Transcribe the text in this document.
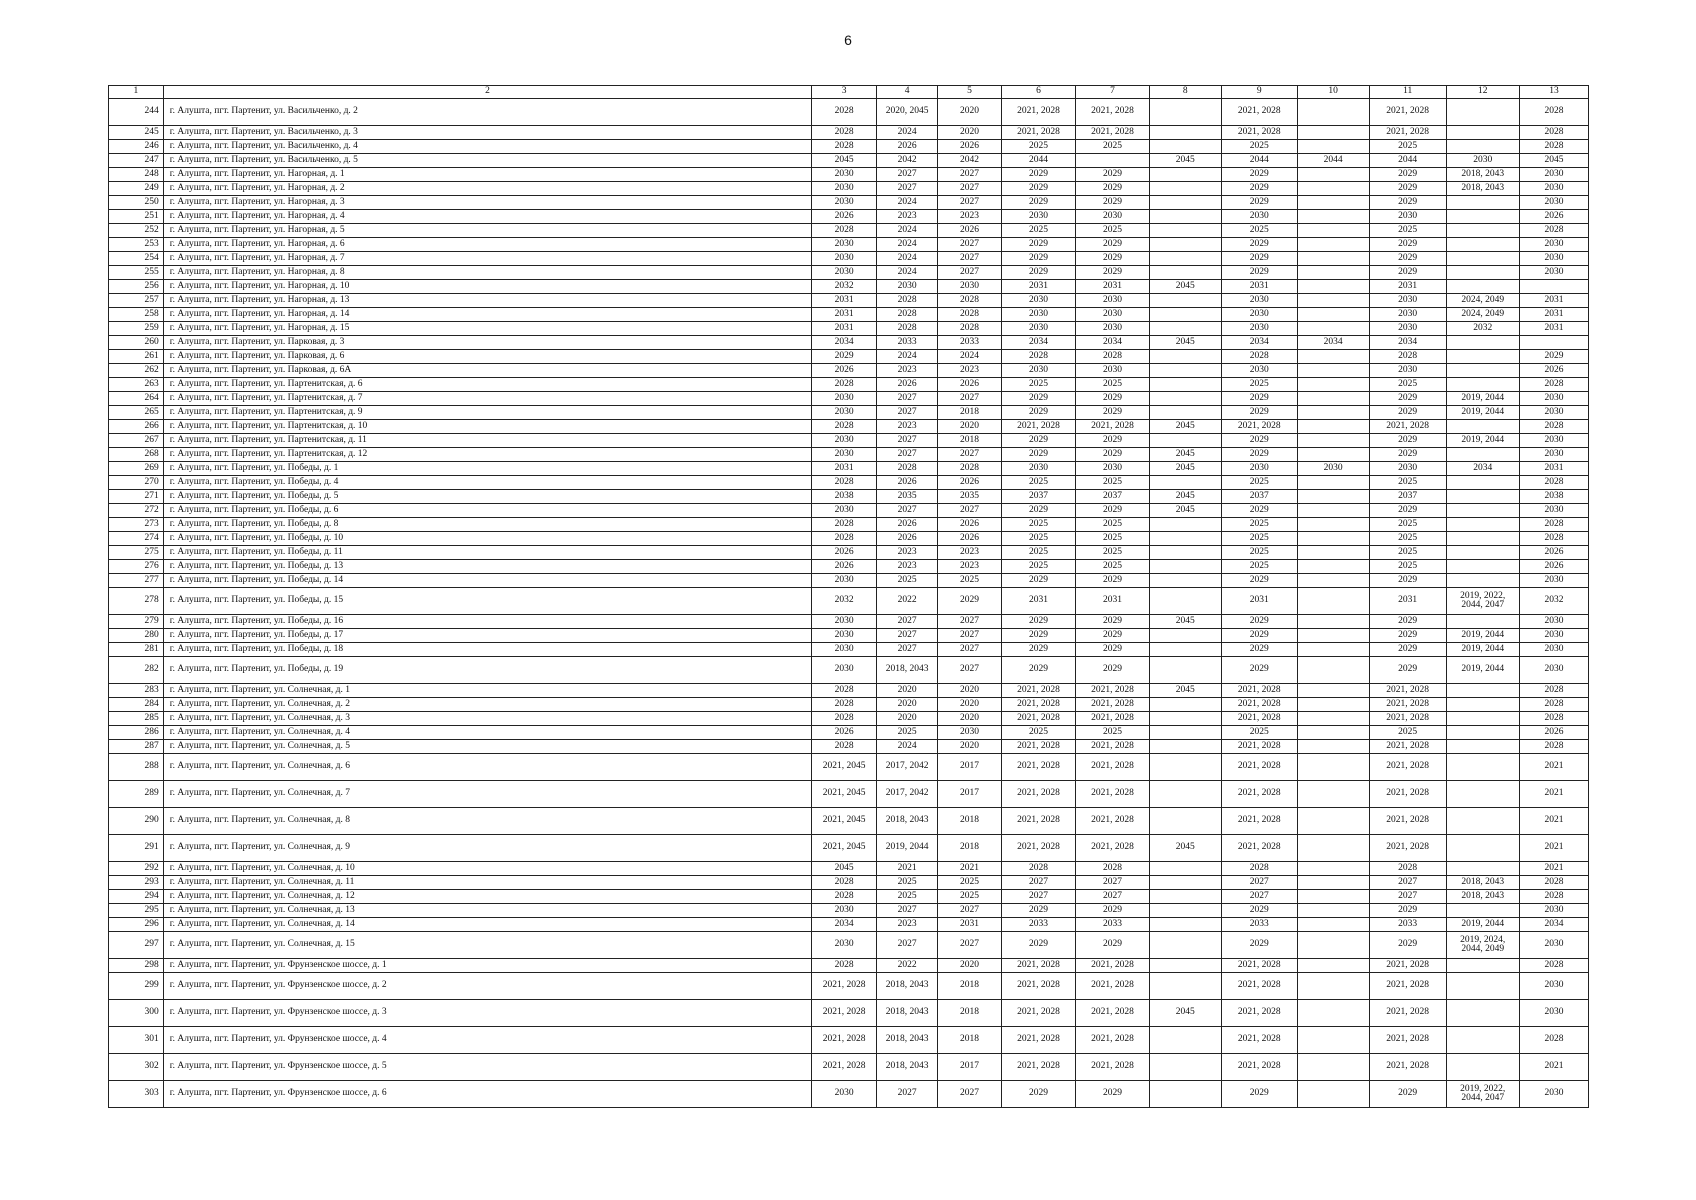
6
1	2	3	4	5	6	7	8	9	10	11	12	13
244	г. Алушта, пгт. Партенит, ул. Васильченко, д. 2	2028	2020, 2045	2020	2021, 2028	2021, 2028		2021, 2028		2021, 2028		2028
245	г. Алушта, пгт. Партенит, ул. Васильченко, д. 3	2028	2024	2020	2021, 2028	2021, 2028		2021, 2028		2021, 2028		2028
246	г. Алушта, пгт. Партенит, ул. Васильченко, д. 4	2028	2026	2026	2025	2025		2025		2025		2028
247	г. Алушта, пгт. Партенит, ул. Васильченко, д. 5	2045	2042	2042	2044		2045	2044	2044	2044	2030	2045
248	г. Алушта, пгт. Партенит, ул. Нагорная, д. 1	2030	2027	2027	2029	2029		2029		2029	2018, 2043	2030
249	г. Алушта, пгт. Партенит, ул. Нагорная, д. 2	2030	2027	2027	2029	2029		2029		2029	2018, 2043	2030
250	г. Алушта, пгт. Партенит, ул. Нагорная, д. 3	2030	2024	2027	2029	2029		2029		2029		2030
251	г. Алушта, пгт. Партенит, ул. Нагорная, д. 4	2026	2023	2023	2030	2030		2030		2030		2026
252	г. Алушта, пгт. Партенит, ул. Нагорная, д. 5	2028	2024	2026	2025	2025		2025		2025		2028
253	г. Алушта, пгт. Партенит, ул. Нагорная, д. 6	2030	2024	2027	2029	2029		2029		2029		2030
254	г. Алушта, пгт. Партенит, ул. Нагорная, д. 7	2030	2024	2027	2029	2029		2029		2029		2030
255	г. Алушта, пгт. Партенит, ул. Нагорная, д. 8	2030	2024	2027	2029	2029		2029		2029		2030
256	г. Алушта, пгт. Партенит, ул. Нагорная, д. 10	2032	2030	2030	2031	2031	2045	2031		2031		
257	г. Алушта, пгт. Партенит, ул. Нагорная, д. 13	2031	2028	2028	2030	2030		2030		2030	2024, 2049	2031
258	г. Алушта, пгт. Партенит, ул. Нагорная, д. 14	2031	2028	2028	2030	2030		2030		2030	2024, 2049	2031
259	г. Алушта, пгт. Партенит, ул. Нагорная, д. 15	2031	2028	2028	2030	2030		2030		2030	2032	2031
260	г. Алушта, пгт. Партенит, ул. Парковая, д. 3	2034	2033	2033	2034	2034	2045	2034	2034	2034		
261	г. Алушта, пгт. Партенит, ул. Парковая, д. 6	2029	2024	2024	2028	2028		2028		2028		2029
262	г. Алушта, пгт. Партенит, ул. Парковая, д. 6А	2026	2023	2023	2030	2030		2030		2030		2026
263	г. Алушта, пгт. Партенит, ул. Партенитская, д. 6	2028	2026	2026	2025	2025		2025		2025		2028
264	г. Алушта, пгт. Партенит, ул. Партенитская, д. 7	2030	2027	2027	2029	2029		2029		2029	2019, 2044	2030
265	г. Алушта, пгт. Партенит, ул. Партенитская, д. 9	2030	2027	2018	2029	2029		2029		2029	2019, 2044	2030
266	г. Алушта, пгт. Партенит, ул. Партенитская, д. 10	2028	2023	2020	2021, 2028	2021, 2028	2045	2021, 2028		2021, 2028		2028
267	г. Алушта, пгт. Партенит, ул. Партенитская, д. 11	2030	2027	2018	2029	2029		2029		2029	2019, 2044	2030
268	г. Алушта, пгт. Партенит, ул. Партенитская, д. 12	2030	2027	2027	2029	2029	2045	2029		2029		2030
269	г. Алушта, пгт. Партенит, ул. Победы, д. 1	2031	2028	2028	2030	2030	2045	2030	2030	2030	2034	2031
270	г. Алушта, пгт. Партенит, ул. Победы, д. 4	2028	2026	2026	2025	2025		2025		2025		2028
271	г. Алушта, пгт. Партенит, ул. Победы, д. 5	2038	2035	2035	2037	2037	2045	2037		2037		2038
272	г. Алушта, пгт. Партенит, ул. Победы, д. 6	2030	2027	2027	2029	2029	2045	2029		2029		2030
273	г. Алушта, пгт. Партенит, ул. Победы, д. 8	2028	2026	2026	2025	2025		2025		2025		2028
274	г. Алушта, пгт. Партенит, ул. Победы, д. 10	2028	2026	2026	2025	2025		2025		2025		2028
275	г. Алушта, пгт. Партенит, ул. Победы, д. 11	2026	2023	2023	2025	2025		2025		2025		2026
276	г. Алушта, пгт. Партенит, ул. Победы, д. 13	2026	2023	2023	2025	2025		2025		2025		2026
277	г. Алушта, пгт. Партенит, ул. Победы, д. 14	2030	2025	2025	2029	2029		2029		2029		2030
278	г. Алушта, пгт. Партенит, ул. Победы, д. 15	2032	2022	2029	2031	2031		2031		2031	2019, 2022, 2044, 2047	2032
279	г. Алушта, пгт. Партенит, ул. Победы, д. 16	2030	2027	2027	2029	2029	2045	2029		2029		2030
280	г. Алушта, пгт. Партенит, ул. Победы, д. 17	2030	2027	2027	2029	2029		2029		2029	2019, 2044	2030
281	г. Алушта, пгт. Партенит, ул. Победы, д. 18	2030	2027	2027	2029	2029		2029		2029	2019, 2044	2030
282	г. Алушта, пгт. Партенит, ул. Победы, д. 19	2030	2018, 2043	2027	2029	2029		2029		2029	2019, 2044	2030
283	г. Алушта, пгт. Партенит, ул. Солнечная, д. 1	2028	2020	2020	2021, 2028	2021, 2028	2045	2021, 2028		2021, 2028		2028
284	г. Алушта, пгт. Партенит, ул. Солнечная, д. 2	2028	2020	2020	2021, 2028	2021, 2028		2021, 2028		2021, 2028		2028
285	г. Алушта, пгт. Партенит, ул. Солнечная, д. 3	2028	2020	2020	2021, 2028	2021, 2028		2021, 2028		2021, 2028		2028
286	г. Алушта, пгт. Партенит, ул. Солнечная, д. 4	2026	2025	2030	2025	2025		2025		2025		2026
287	г. Алушта, пгт. Партенит, ул. Солнечная, д. 5	2028	2024	2020	2021, 2028	2021, 2028		2021, 2028		2021, 2028		2028
288	г. Алушта, пгт. Партенит, ул. Солнечная, д. 6	2021, 2045	2017, 2042	2017	2021, 2028	2021, 2028		2021, 2028		2021, 2028		2021
289	г. Алушта, пгт. Партенит, ул. Солнечная, д. 7	2021, 2045	2017, 2042	2017	2021, 2028	2021, 2028		2021, 2028		2021, 2028		2021
290	г. Алушта, пгт. Партенит, ул. Солнечная, д. 8	2021, 2045	2018, 2043	2018	2021, 2028	2021, 2028		2021, 2028		2021, 2028		2021
291	г. Алушта, пгт. Партенит, ул. Солнечная, д. 9	2021, 2045	2019, 2044	2018	2021, 2028	2021, 2028	2045	2021, 2028		2021, 2028		2021
292	г. Алушта, пгт. Партенит, ул. Солнечная, д. 10	2045	2021	2021	2028	2028		2028		2028		2021
293	г. Алушта, пгт. Партенит, ул. Солнечная, д. 11	2028	2025	2025	2027	2027		2027		2027	2018, 2043	2028
294	г. Алушта, пгт. Партенит, ул. Солнечная, д. 12	2028	2025	2025	2027	2027		2027		2027	2018, 2043	2028
295	г. Алушта, пгт. Партенит, ул. Солнечная, д. 13	2030	2027	2027	2029	2029		2029		2029		2030
296	г. Алушта, пгт. Партенит, ул. Солнечная, д. 14	2034	2023	2031	2033	2033		2033		2033	2019, 2044	2034
297	г. Алушта, пгт. Партенит, ул. Солнечная, д. 15	2030	2027	2027	2029	2029		2029		2029	2019, 2024, 2044, 2049	2030
298	г. Алушта, пгт. Партенит, ул. Фрунзенское шоссе, д. 1	2028	2022	2020	2021, 2028	2021, 2028		2021, 2028		2021, 2028		2028
299	г. Алушта, пгт. Партенит, ул. Фрунзенское шоссе, д. 2	2021, 2028	2018, 2043	2018	2021, 2028	2021, 2028		2021, 2028		2021, 2028		2030
300	г. Алушта, пгт. Партенит, ул. Фрунзенское шоссе, д. 3	2021, 2028	2018, 2043	2018	2021, 2028	2021, 2028	2045	2021, 2028		2021, 2028		2030
301	г. Алушта, пгт. Партенит, ул. Фрунзенское шоссе, д. 4	2021, 2028	2018, 2043	2018	2021, 2028	2021, 2028		2021, 2028		2021, 2028		2028
302	г. Алушта, пгт. Партенит, ул. Фрунзенское шоссе, д. 5	2021, 2028	2018, 2043	2017	2021, 2028	2021, 2028		2021, 2028		2021, 2028		2021
303	г. Алушта, пгт. Партенит, ул. Фрунзенское шоссе, д. 6	2030	2027	2027	2029	2029		2029		2029	2019, 2022, 2044, 2047	2030
